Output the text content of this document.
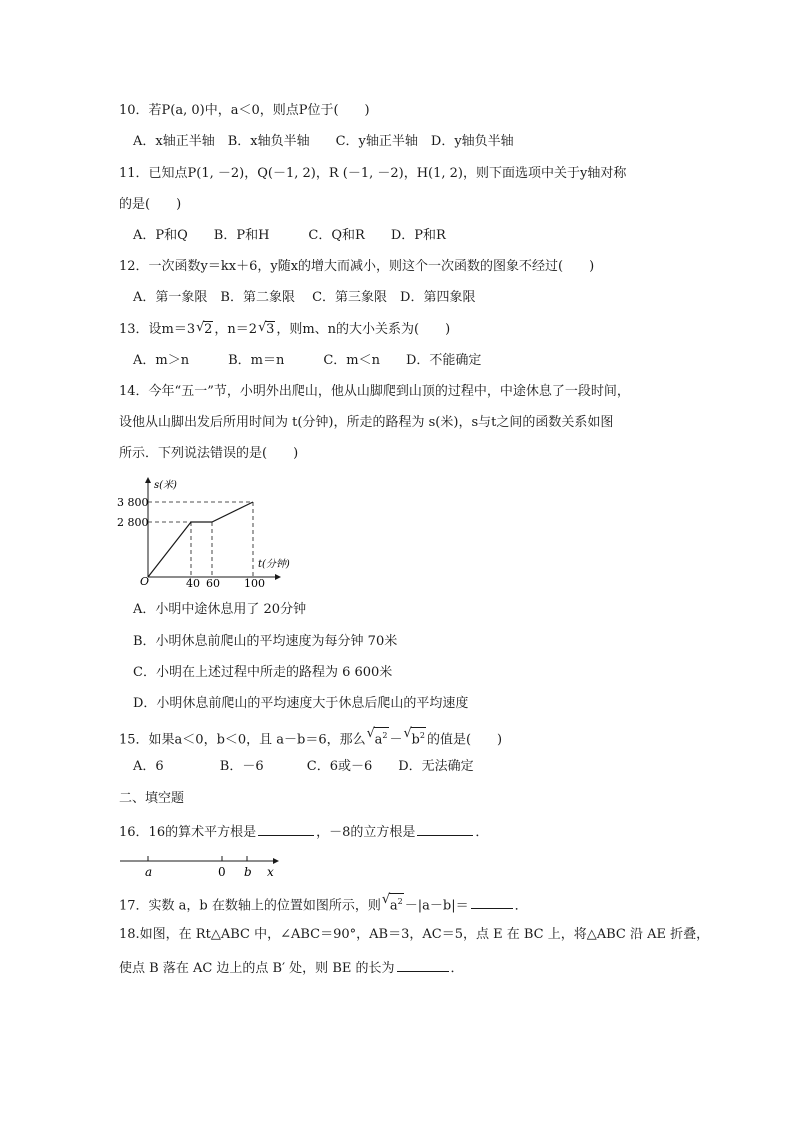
10．若P(a, 0)中，a＜0，则点P位于(　　)
A．x轴正半轴　B．x轴负半轴　　C．y轴正半轴　D．y轴负半轴
11．已知点P(1, －2)，Q(－1, 2)，R (－1, －2)，H(1, 2)，则下面选项中关于y轴对称
的是(　　)
A．P和Q　　B．P和H　　　C．Q和R　　D．P和R
12．一次函数y＝kx＋6，y随x的增大而减小，则这个一次函数的图象不经过(　　)
A．第一象限　B．第二象限　 C．第三象限　D．第四象限
13．设m＝3 √ 2 ，n＝2 √ 3 ，则m、n的大小关系为(　　)
A．m＞n　　　B．m＝n　　　C．m＜n　　D．不能确定
14．今年“五一”节，小明外出爬山，他从山脚爬到山顶的过程中，中途休息了一段时间，
设他从山脚出发后所用时间为 t(分钟)，所走的路程为 s(米)，s与t之间的函数关系如图
所示．下列说法错误的是(　　)
s(米)
3 800
2 800
O	40 60 100
t(分钟)
a	0 b x
A．小明中途休息用了 20分钟
B．小明休息前爬山的平均速度为每分钟 70米
C．小明在上述过程中所走的路程为 6 600米
D．小明休息前爬山的平均速度大于休息后爬山的平均速度
15．如果a＜0，b＜0，且 a－b＝6，那么 √ $a^2$ － √ $b^2$ 的值是(　　)
A．6　　　　 B．－6　　　 C．6或－6　　D．无法确定
二、填空题
16．16的算术平方根是	，－8的立方根是	．
17．实数 a，b 在数轴上的位置如图所示，则 √ $a^2 -|a-b|=$	．
18.如图，在 Rt△ABC 中，∠ABC＝90°，AB＝3，AC＝5，点 E 在 BC 上，将△ABC 沿 AE 折叠，
使点 B 落在 AC 边上的点 B′ 处，则 BE 的长为	．
